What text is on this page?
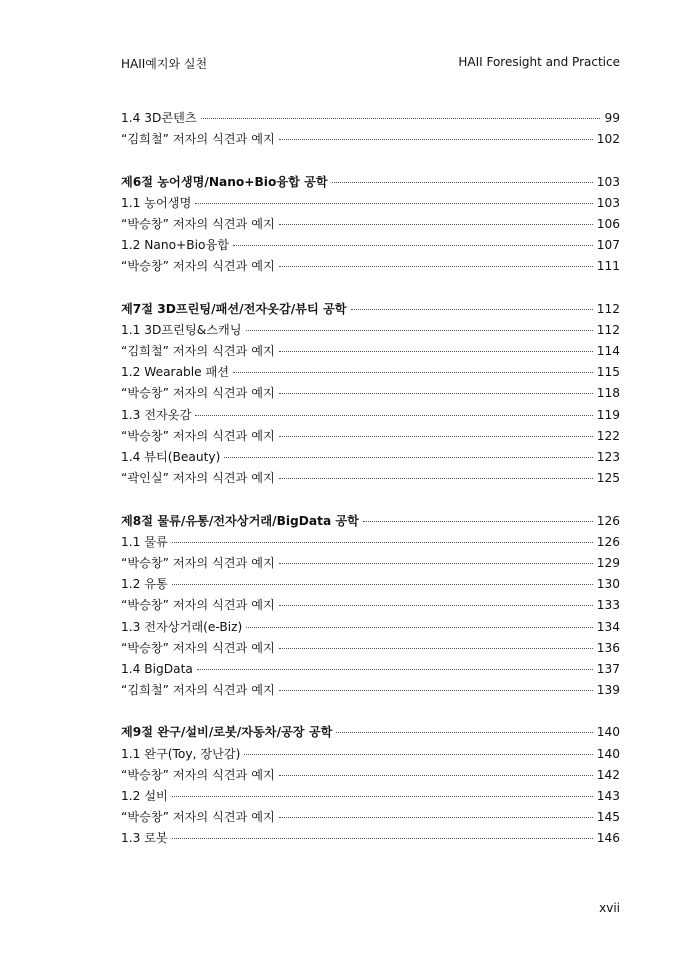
HAII예지와 실천	HAII Foresight and Practice
1.4 3D콘텐츠	99
“김희철” 저자의 식견과 예지	102
제6절 농어생명/Nano+Bio융합 공학	103
1.1 농어생명	103
“박승창” 저자의 식견과 예지	106
1.2 Nano+Bio융합	107
“박승창” 저자의 식견과 예지	111
제7절 3D프린팅/패션/전자옷감/뷰티 공학	112
1.1 3D프린팅&스캐닝	112
“김희철” 저자의 식견과 예지	114
1.2 Wearable 패션	115
“박승창” 저자의 식견과 예지	118
1.3 전자옷감	119
“박승창” 저자의 식견과 예지	122
1.4 뷰티(Beauty)	123
“곽인실” 저자의 식견과 예지	125
제8절 물류/유통/전자상거래/BigData 공학	126
1.1 물류	126
“박승창” 저자의 식견과 예지	129
1.2 유통	130
“박승창” 저자의 식견과 예지	133
1.3 전자상거래(e-Biz)	134
“박승창” 저자의 식견과 예지	136
1.4 BigData	137
“김희철” 저자의 식견과 예지	139
제9절 완구/설비/로봇/자동차/공장 공학	140
1.1 완구(Toy, 장난감)	140
“박승창” 저자의 식견과 예지	142
1.2 설비	143
“박승창” 저자의 식견과 예지	145
1.3 로봇	146
xvii
